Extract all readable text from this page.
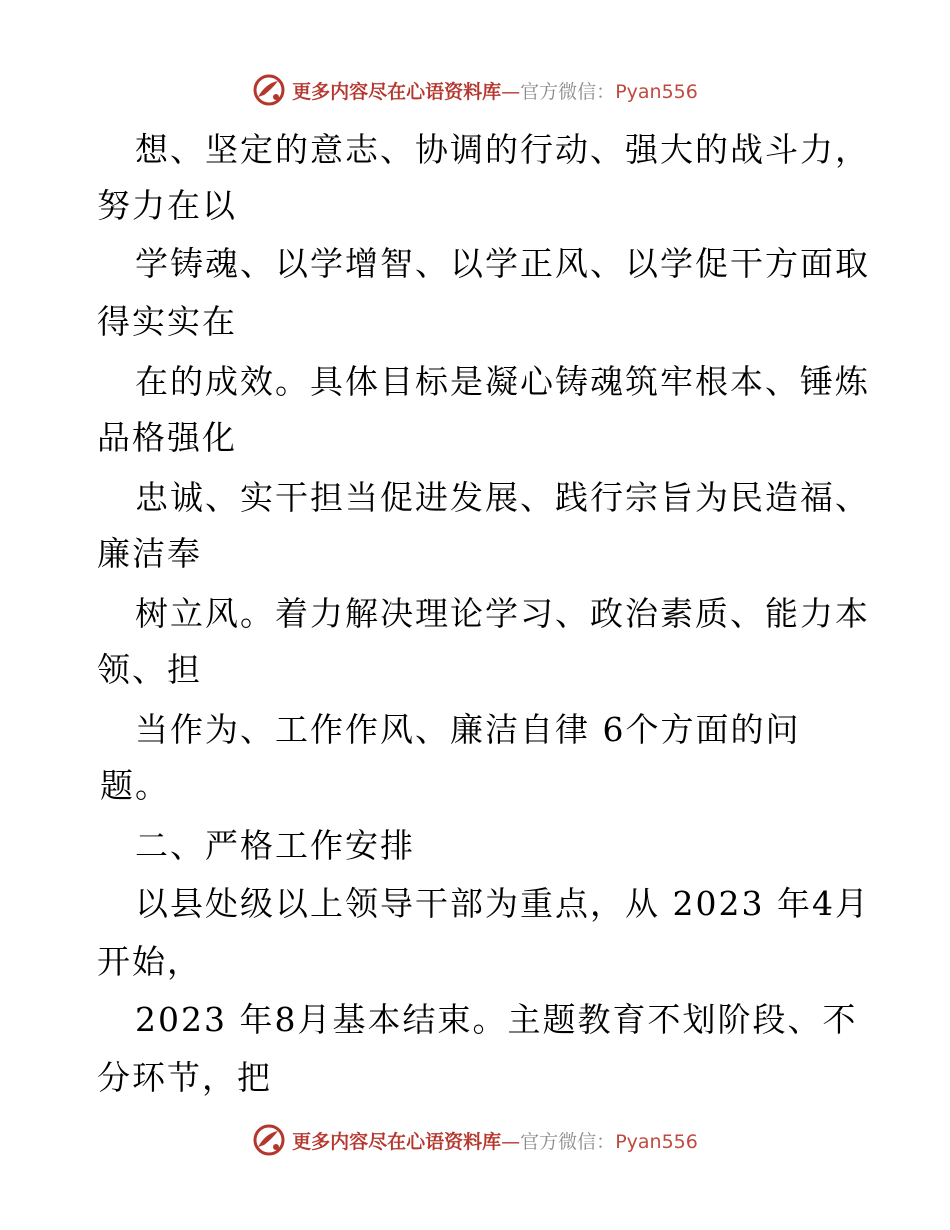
更多内容尽在心语资料库—官方微信：Pyan556
想、坚定的意志、协调的行动、强大的战斗力，
努力在以
学铸魂、以学增智、以学正风、以学促干方面取
得实实在
在的成效。具体目标是凝心铸魂筑牢根本、锤炼
品格强化
忠诚、实干担当促进发展、践行宗旨为民造福、
廉洁奉
树立风。着力解决理论学习、政治素质、能力本
领、担
当作为、工作作风、廉洁自律 6个方面的问
题。
二、严格工作安排
以县处级以上领导干部为重点，从 2023 年4月
开始，
2023 年8月基本结束。主题教育不划阶段、不
分环节，把
更多内容尽在心语资料库—官方微信：Pyan556
